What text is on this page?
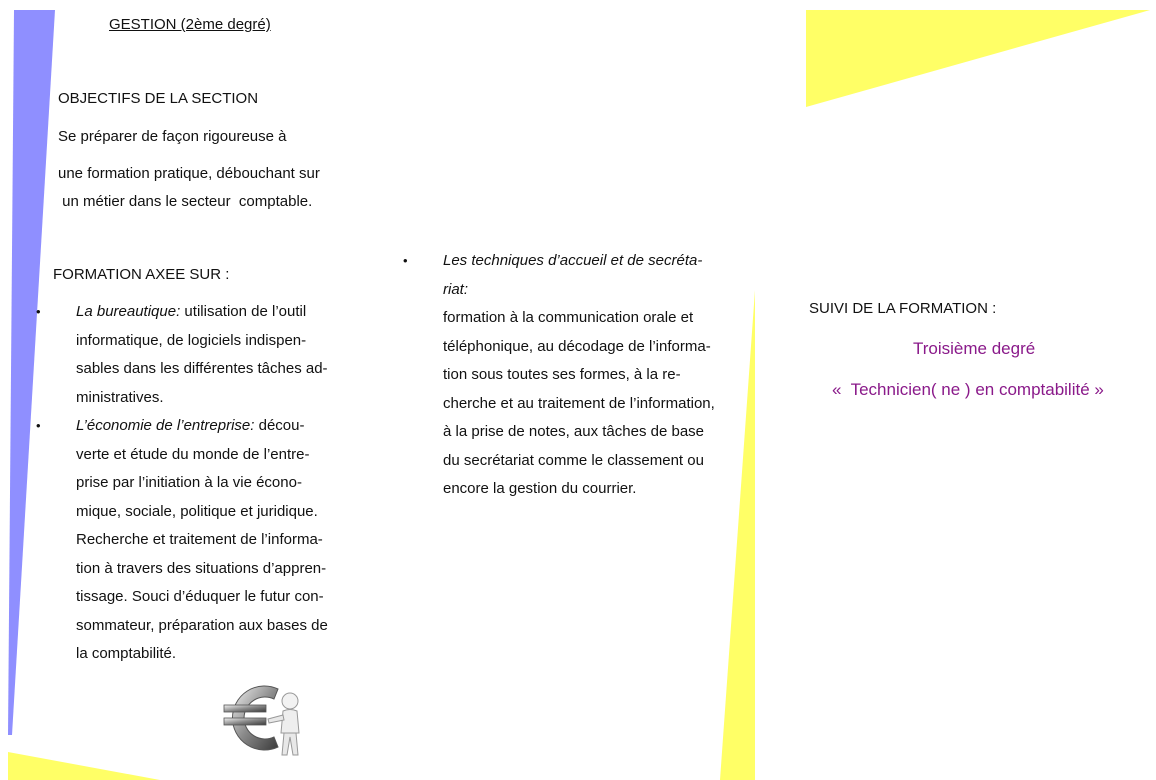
GESTION (2ème degré)
OBJECTIFS DE LA SECTION
Se préparer de façon rigoureuse à
une formation pratique, débouchant sur
un métier dans le secteur  comptable.
FORMATION AXEE SUR :
• La bureautique: utilisation de l’outil
informatique, de logiciels indispen-
sables dans les différentes tâches ad-
ministratives.
• L’économie de l’entreprise: décou-
verte et étude du monde de l’entre-
prise par l’initiation à la vie écono-
mique, sociale, politique et juridique.
Recherche et traitement de l’informa-
tion à travers des situations d’appren-
tissage. Souci d’éduquer le futur con-
sommateur, préparation aux bases de
la comptabilité.
• Les techniques d’accueil et de secréta-
riat:
formation à la communication orale et
téléphonique, au décodage de l’informa-
tion sous toutes ses formes, à la re-
cherche et au traitement de l’information,
à la prise de notes, aux tâches de base
du secrétariat comme le classement ou
encore la gestion du courrier.
SUIVI DE LA FORMATION :
Troisième degré
«  Technicien( ne ) en comptabilité »
